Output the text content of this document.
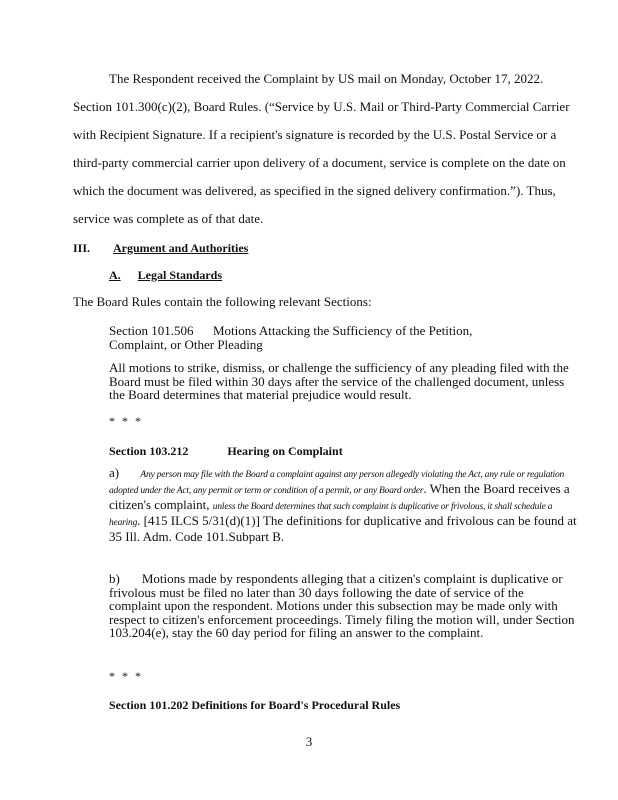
The Respondent received the Complaint by US mail on Monday, October 17, 2022.
Section 101.300(c)(2), Board Rules. (“Service by U.S. Mail or Third-Party Commercial Carrier
with Recipient Signature. If a recipient's signature is recorded by the U.S. Postal Service or a
third-party commercial carrier upon delivery of a document, service is complete on the date on
which the document was delivered, as specified in the signed delivery confirmation.”). Thus,
service was complete as of that date.
III. Argument and Authorities
A. Legal Standards
The Board Rules contain the following relevant Sections:

Section 101.506      Motions Attacking the Sufficiency of the Petition,

Complaint, or Other Pleading

All motions to strike, dismiss, or challenge the sufficiency of any pleading filed with the Board must be filed within 30 days after the service of the challenged document, unless the Board determines that material prejudice would result.

* * *
Section 103.212	Hearing on Complaint

a) Any person may file with the Board a complaint against any person allegedly violating the Act, any rule or regulation adopted under the Act, any permit or term or condition of a permit, or any Board order. When the Board receives a citizen's complaint, unless the Board determines that such complaint is duplicative or frivolous, it shall schedule a hearing. [415 ILCS 5/31(d)(1)] The definitions for duplicative and frivolous can be found at 35 Ill. Adm. Code 101.Subpart B.

b) Motions made by respondents alleging that a citizen's complaint is duplicative or frivolous must be filed no later than 30 days following the date of service of the complaint upon the respondent. Motions under this subsection may be made only with respect to citizen's enforcement proceedings. Timely filing the motion will, under Section 103.204(e), stay the 60 day period for filing an answer to the complaint.

* * *
Section 101.202 Definitions for Board's Procedural Rules
3
